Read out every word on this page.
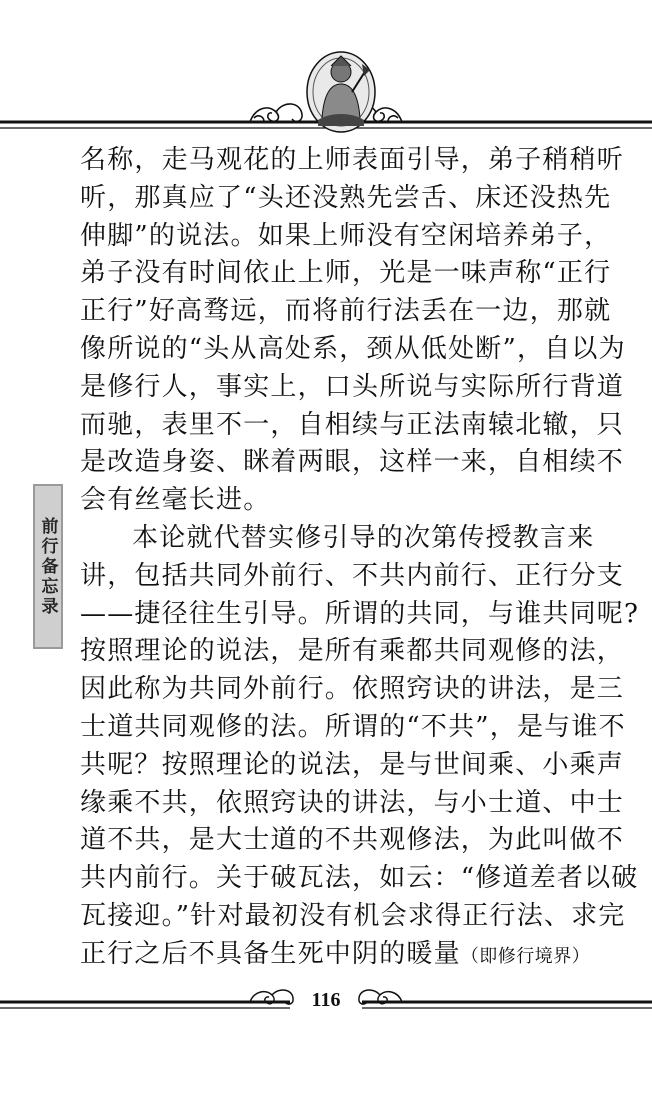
前行备忘录
名称，走马观花的上师表面引导，弟子稍稍听
听，那真应了“头还没熟先尝舌、床还没热先
伸脚”的说法。如果上师没有空闲培养弟子，
弟子没有时间依止上师，光是一味声称“正行
正行”好高骛远，而将前行法丢在一边，那就
像所说的“头从高处系，颈从低处断”，自以为
是修行人，事实上，口头所说与实际所行背道
而驰，表里不一，自相续与正法南辕北辙，只
是改造身姿、眯着两眼，这样一来，自相续不
会有丝毫长进。
本论就代替实修引导的次第传授教言来
讲，包括共同外前行、不共内前行、正行分支
——捷径往生引导。所谓的共同，与谁共同呢?
按照理论的说法，是所有乘都共同观修的法，
因此称为共同外前行。依照窍诀的讲法，是三
士道共同观修的法。所谓的“不共”，是与谁不
共呢？按照理论的说法，是与世间乘、小乘声
缘乘不共，依照窍诀的讲法，与小士道、中士
道不共，是大士道的不共观修法，为此叫做不
共内前行。关于破瓦法，如云：“修道差者以破
瓦接迎。”针对最初没有机会求得正行法、求完
正行之后不具备生死中阴的暖量（即修行境界）
116
